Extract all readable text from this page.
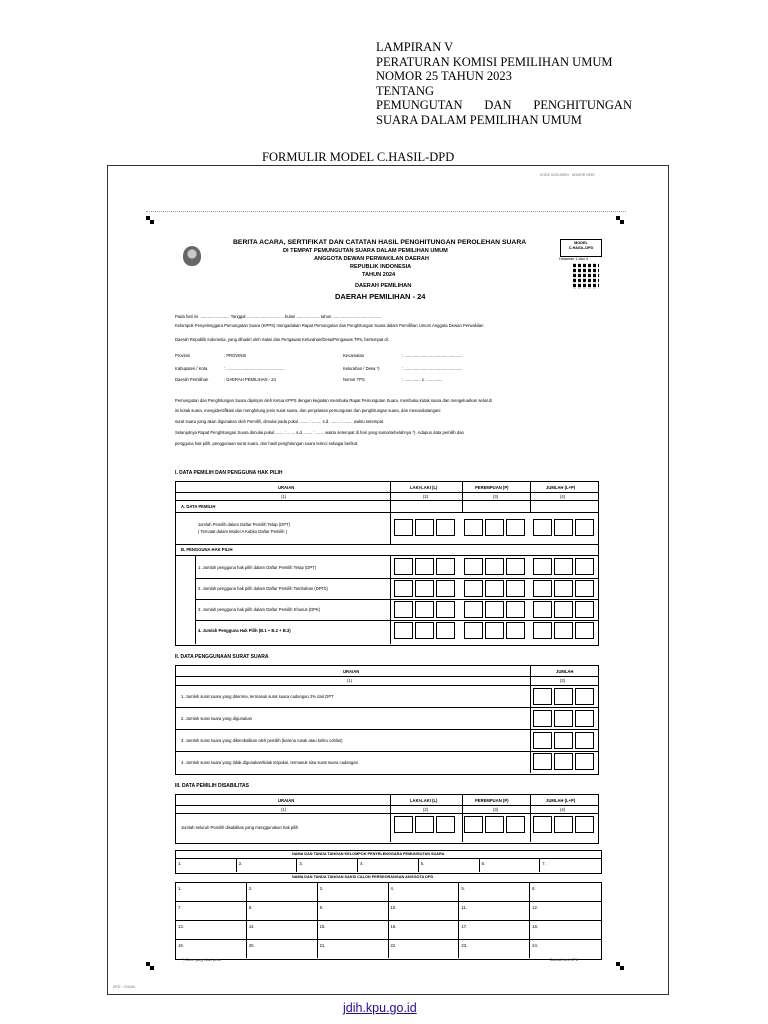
LAMPIRAN V
PERATURAN KOMISI PEMILIHAN UMUM
NOMOR 25 TAHUN 2023
TENTANG
PEMUNGUTAN DAN PENGHITUNGAN
SUARA DALAM PEMILIHAN UMUM
FORMULIR MODEL C.HASIL-DPD
KODE DOKUMEN · NOMOR SERI
BERITA ACARA, SERTIFIKAT DAN CATATAN HASIL PENGHITUNGAN PEROLEHAN SUARA
DI TEMPAT PEMUNGUTAN SUARA DALAM PEMILIHAN UMUM
ANGGOTA DEWAN PERWAKILAN DAERAH
REPUBLIK INDONESIA
TAHUN 2024
DAERAH PEMILIHAN
DAERAH PEMILIHAN - 24
MODEL C.HASIL-DPD
Halaman 1 dari 4
Pada hari ini .......................... Tanggal ................................ bulan .................... tahun ..........................................
Kelompok Penyelenggara Pemungutan Suara (KPPS) mengadakan Rapat Pemungutan dan Penghitungan Suara dalam Pemilihan Umum Anggota Dewan Perwakilan
Daerah Republik Indonesia, yang dihadiri oleh Saksi dan Pengawas Kelurahan/Desa/Pengawas TPS, bertempat di:
Provinsi	: PROVINSI
Kabupaten / Kota	: ..................................................
Daerah Pemilihan	: DAERAH PEMILIHAN - 24
Kecamatan	: ..................................................
Kelurahan / Desa *)	: ..................................................
Nomor TPS	: .............. 1 ...............
Pemungutan dan Penghitungan Suara dipimpin oleh Ketua KPPS dengan kegiatan membuka Rapat Pemungutan Suara, membuka kotak suara dan mengeluarkan seluruh
isi kotak suara, mengidentifikasi dan menghitung jenis surat suara, dan penjelasan pemungutan dan penghitungan suara, dan menandatangani
surat suara yang akan digunakan oleh Pemilih, dimulai pada pukul ........ : ........ s.d. ........ : ........ waktu setempat.
Selanjutnya Rapat Penghitungan Suara dimulai pukul ....... : ....... s.d. ....... : ....... waktu setempat di hari yang sama/sebelahnya *). Adapun data pemilih dan
pengguna hak pilih, penggunaan surat suara, dan hasil penghitungan suara terinci sebagai berikut:
I. DATA PEMILIH DAN PENGGUNA HAK PILIH
URAIAN	LAKI-LAKI (L)	PEREMPUAN (P)	JUMLAH (L+P)
(1)	(2)	(3)	(4)
A. DATA PEMILIH
Jumlah Pemilih dalam Daftar Pemilih Tetap (DPT)
( Tercatat dalam Model A Kabko Daftar Pemilih )
B. PENGGUNA HAK PILIH
1. Jumlah pengguna hak pilih dalam Daftar Pemilih Tetap (DPT)
2. Jumlah pengguna hak pilih dalam Daftar Pemilih Tambahan (DPTb)
3. Jumlah pengguna hak pilih dalam Daftar Pemilih Khusus (DPK)
4. Jumlah Pengguna Hak Pilih (B.1 + B.2 + B.3)
II. DATA PENGGUNAAN SURAT SUARA
URAIAN	JUMLAH
(1)	(2)
1. Jumlah surat suara yang diterima, termasuk surat suara cadangan 2% dari DPT
2. Jumlah surat suara yang digunakan
3. Jumlah surat suara yang dikembalikan oleh pemilih (karena rusak atau keliru coblos)
4. Jumlah surat suara yang tidak digunakan/tidak terpakai, termasuk sisa surat suara cadangan
III. DATA PEMILIH DISABILITAS
URAIAN	LAKI-LAKI (L)	PEREMPUAN (P)	JUMLAH (L+P)
(1)	(2)	(3)	(4)
Jumlah seluruh Pemilih disabilitas yang menggunakan hak pilih
NAMA DAN TANDA TANGAN KELOMPOK PENYELENGGARA PEMUNGUTAN SUARA
1.	2.	3.	4.	5.	6.	7.
NAMA DAN TANDA TANGAN SAKSI CALON PERSEORANGAN ANGGOTA DPD
1.	2.	3.	4.	5.	6.
7.	8.	9.	10.	11.	12.
13.	14.	15.	16.	17.	18.
19.	20.	21.	22.	23.	24.
*) Coret yang tidak perlu	Dicetak oleh KPU
DPD · CHASIL
jdih.kpu.go.id
